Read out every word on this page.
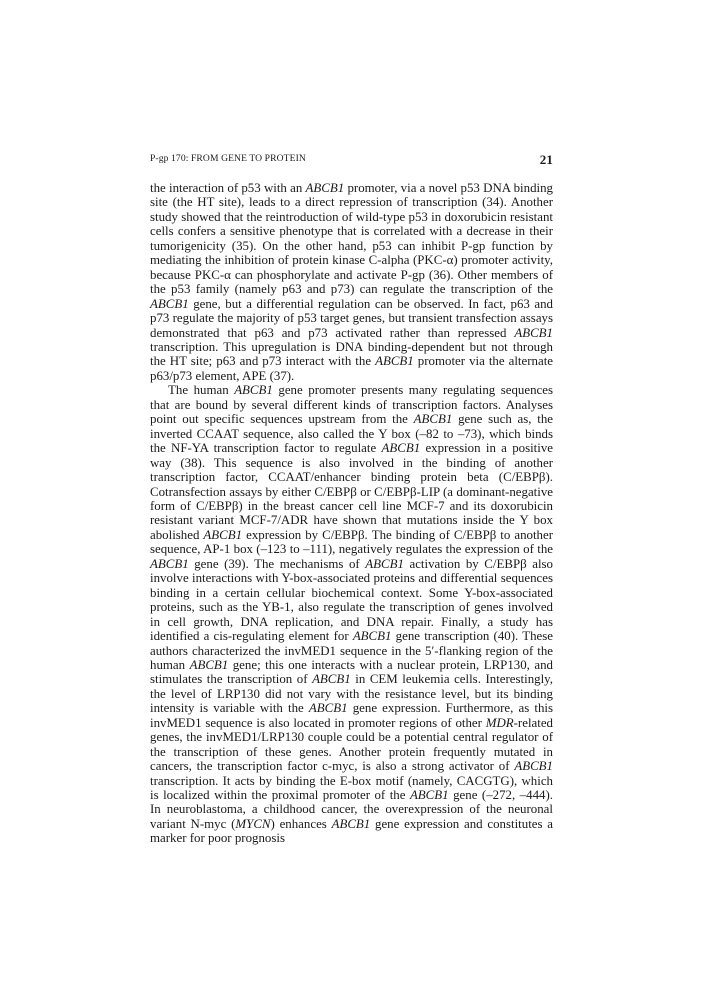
P-gp 170: FROM GENE TO PROTEIN	21

the interaction of p53 with an ABCB1 promoter, via a novel p53 DNA binding site (the HT site), leads to a direct repression of transcription (34). Another study showed that the reintroduction of wild-type p53 in doxorubicin resistant cells confers a sensitive phenotype that is correlated with a decrease in their tumorigenicity (35). On the other hand, p53 can inhibit P-gp function by mediating the inhibition of protein kinase C-alpha (PKC-α) promoter activity, because PKC-α can phosphorylate and activate P-gp (36). Other members of the p53 family (namely p63 and p73) can regulate the transcription of the ABCB1 gene, but a differential regulation can be observed. In fact, p63 and p73 regulate the majority of p53 target genes, but transient transfection assays demonstrated that p63 and p73 activated rather than repressed ABCB1 transcription. This upregulation is DNA binding-dependent but not through the HT site; p63 and p73 interact with the ABCB1 promoter via the alternate p63/p73 element, APE (37).

The human ABCB1 gene promoter presents many regulating sequences that are bound by several different kinds of transcription factors. Analyses point out specific sequences upstream from the ABCB1 gene such as, the inverted CCAAT sequence, also called the Y box (–82 to –73), which binds the NF-YA transcription factor to regulate ABCB1 expression in a positive way (38). This sequence is also involved in the binding of another transcription factor, CCAAT/enhancer binding protein beta (C/EBPβ). Cotransfection assays by either C/EBPβ or C/EBPβ-LIP (a dominant-negative form of C/EBPβ) in the breast cancer cell line MCF-7 and its doxorubicin resistant variant MCF-7/ADR have shown that mutations inside the Y box abolished ABCB1 expression by C/EBPβ. The binding of C/EBPβ to another sequence, AP-1 box (–123 to –111), negatively regulates the expression of the ABCB1 gene (39). The mechanisms of ABCB1 activation by C/EBPβ also involve interactions with Y-box-associated proteins and differential sequences binding in a certain cellular biochemical context. Some Y-box-associated proteins, such as the YB-1, also regulate the transcription of genes involved in cell growth, DNA replication, and DNA repair. Finally, a study has identified a cis-regulating element for ABCB1 gene transcription (40). These authors characterized the invMED1 sequence in the 5′-flanking region of the human ABCB1 gene; this one interacts with a nuclear protein, LRP130, and stimulates the transcription of ABCB1 in CEM leukemia cells. Interestingly, the level of LRP130 did not vary with the resistance level, but its binding intensity is variable with the ABCB1 gene expression. Furthermore, as this invMED1 sequence is also located in promoter regions of other MDR-related genes, the invMED1/LRP130 couple could be a potential central regulator of the transcription of these genes. Another protein frequently mutated in cancers, the transcription factor c-myc, is also a strong activator of ABCB1 transcription. It acts by binding the E-box motif (namely, CACGTG), which is localized within the proximal promoter of the ABCB1 gene (–272, –444). In neuroblastoma, a childhood cancer, the overexpression of the neuronal variant N-myc (MYCN) enhances ABCB1 gene expression and constitutes a marker for poor prognosis
